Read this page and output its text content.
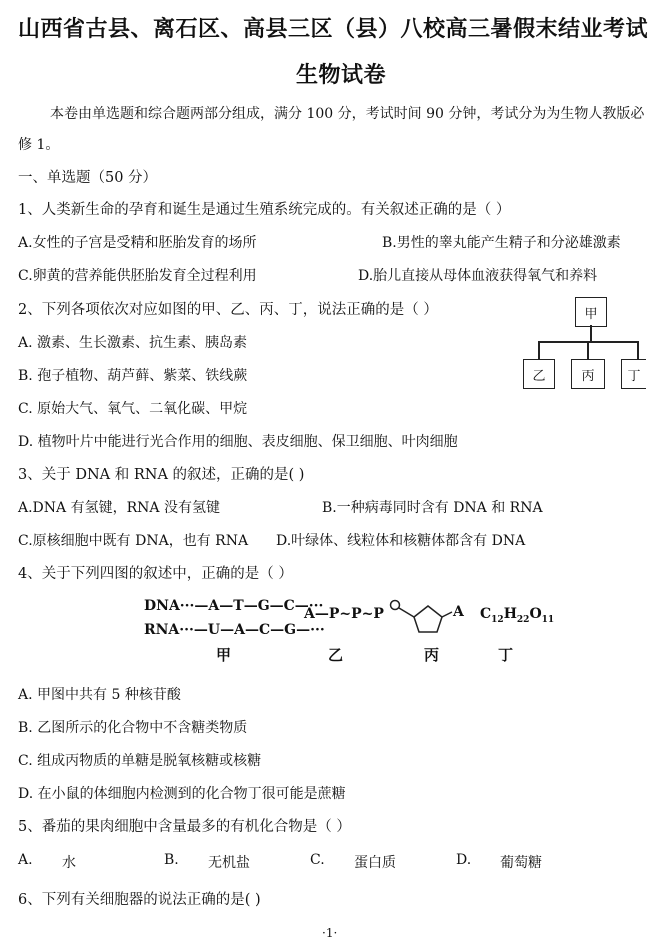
山西省古县、离石区、高县三区（县）八校高三暑假末结业考试
生物试卷
本卷由单选题和综合题两部分组成，满分 100 分，考试时间 90 分钟，考试分为为生物人教版必
修 1。
一、单选题（50 分）
1、人类新生命的孕育和诞生是通过生殖系统完成的。有关叙述正确的是（ ）
A.女性的子宫是受精和胚胎发育的场所	B.男性的睾丸能产生精子和分泌雄激素
C.卵黄的营养能供胚胎发育全过程利用	D.胎儿直接从母体血液获得氧气和养料
2、下列各项依次对应如图的甲、乙、丙、丁，说法正确的是（ ）
A. 激素、生长激素、抗生素、胰岛素
B. 孢子植物、葫芦藓、紫菜、铁线蕨
C. 原始大气、氧气、二氧化碳、甲烷
D. 植物叶片中能进行光合作用的细胞、表皮细胞、保卫细胞、叶肉细胞
甲
乙	丙	丁
3、关于 DNA 和 RNA 的叙述，正确的是( )
A.DNA 有氢键，RNA 没有氢键	B.一种病毒同时含有 DNA 和 RNA
C.原核细胞中既有 DNA，也有 RNA D.叶绿体、线粒体和核糖体都含有 DNA
4、关于下列四图的叙述中，正确的是（ ）
DNA···—A—T—G—C—···
RNA···—U—A—C—G—···
A—P~P~P	A $C_{12}H_{22}O_{11}$
甲	乙	丙	丁
A. 甲图中共有 5 种核苷酸
B. 乙图所示的化合物中不含糖类物质
C. 组成丙物质的单糖是脱氧核糖或核糖
D. 在小鼠的体细胞内检测到的化合物丁很可能是蔗糖
5、番茄的果肉细胞中含量最多的有机化合物是（ ）
A. 水	B. 无机盐	C. 蛋白质	D. 葡萄糖
6、下列有关细胞器的说法正确的是( )
·1·
